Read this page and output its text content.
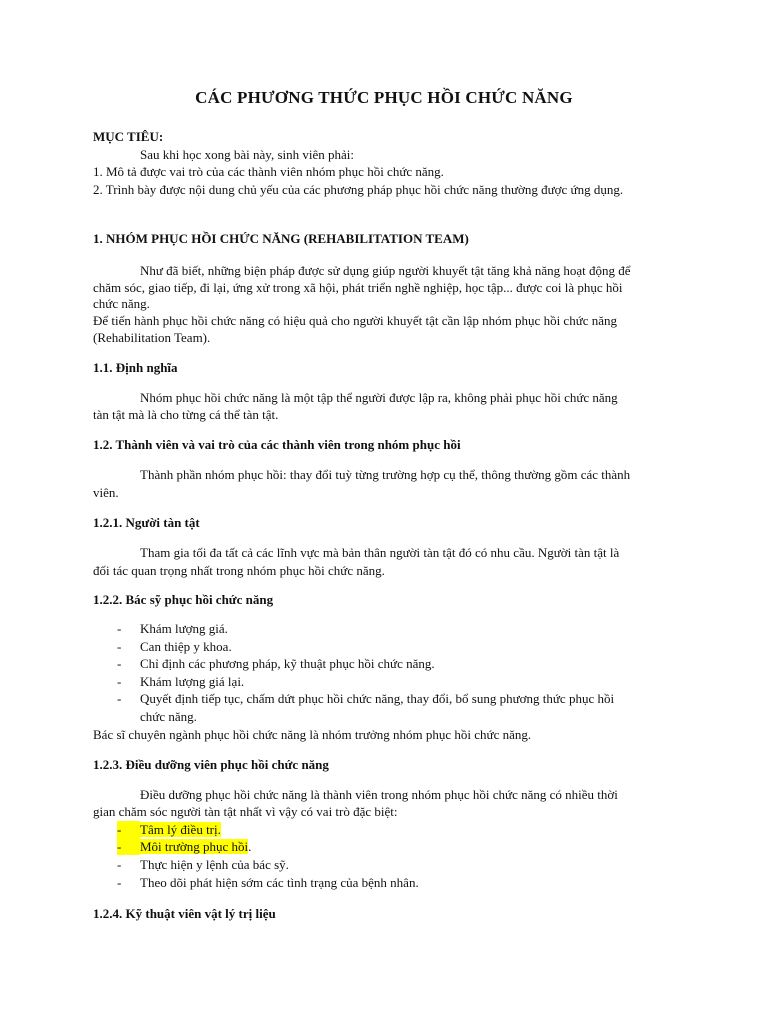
CÁC PHƯƠNG THỨC PHỤC HỒI CHỨC NĂNG
MỤC TIÊU:
Sau khi học xong bài này, sinh viên phải:
1. Mô tả được vai trò của các thành viên nhóm phục hồi chức năng.
2. Trình bày được nội dung chủ yếu của các phương pháp phục hồi chức năng thường được ứng dụng.
1. NHÓM PHỤC HỒI CHỨC NĂNG (REHABILITATION TEAM)
Như đã biết, những biện pháp được sử dụng giúp người khuyết tật tăng khả năng hoạt động để
chăm sóc, giao tiếp, đi lại, ứng xử trong xã hội, phát triển nghề nghiệp, học tập... được coi là phục hồi
chức năng.
Để tiến hành phục hồi chức năng có hiệu quả cho người khuyết tật cần lập nhóm phục hồi chức năng
(Rehabilitation Team).
1.1. Định nghĩa
Nhóm phục hồi chức năng là một tập thể người được lập ra, không phải phục hồi chức năng
tàn tật mà là cho từng cá thể tàn tật.
1.2. Thành viên và vai trò của các thành viên trong nhóm phục hồi
Thành phần nhóm phục hồi: thay đổi tuỳ từng trường hợp cụ thể, thông thường gồm các thành
viên.
1.2.1. Người tàn tật
Tham gia tối đa tất cả các lĩnh vực mà bản thân người tàn tật đó có nhu cầu. Người tàn tật là
đối tác quan trọng nhất trong nhóm phục hồi chức năng.
1.2.2. Bác sỹ phục hồi chức năng
- Khám lượng giá.
- Can thiệp y khoa.
- Chỉ định các phương pháp, kỹ thuật phục hồi chức năng.
- Khám lượng giá lại.
- Quyết định tiếp tục, chấm dứt phục hồi chức năng, thay đổi, bổ sung phương thức phục hồi
chức năng.
Bác sĩ chuyên ngành phục hồi chức năng là nhóm trưởng nhóm phục hồi chức năng.
1.2.3. Điều dưỡng viên phục hồi chức năng
Điều dưỡng phục hồi chức năng là thành viên trong nhóm phục hồi chức năng có nhiều thời
gian chăm sóc người tàn tật nhất vì vậy có vai trò đặc biệt:
-	Tâm lý điều trị.
-	Môi trường phục hồi.
- Thực hiện y lệnh của bác sỹ.
- Theo dõi phát hiện sớm các tình trạng của bệnh nhân.
1.2.4. Kỹ thuật viên vật lý trị liệu
